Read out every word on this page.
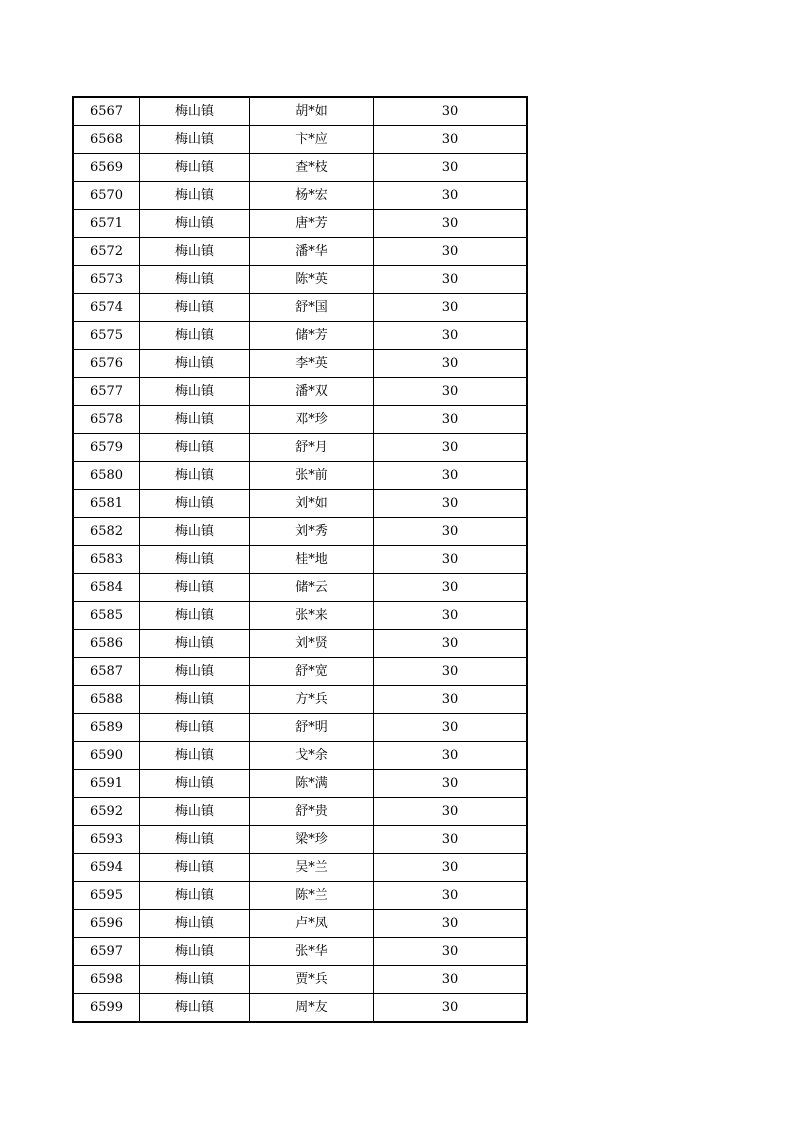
6567	梅山镇	胡*如	30
6568	梅山镇	卞*应	30
6569	梅山镇	查*枝	30
6570	梅山镇	杨*宏	30
6571	梅山镇	唐*芳	30
6572	梅山镇	潘*华	30
6573	梅山镇	陈*英	30
6574	梅山镇	舒*国	30
6575	梅山镇	储*芳	30
6576	梅山镇	李*英	30
6577	梅山镇	潘*双	30
6578	梅山镇	邓*珍	30
6579	梅山镇	舒*月	30
6580	梅山镇	张*前	30
6581	梅山镇	刘*如	30
6582	梅山镇	刘*秀	30
6583	梅山镇	桂*地	30
6584	梅山镇	储*云	30
6585	梅山镇	张*来	30
6586	梅山镇	刘*贤	30
6587	梅山镇	舒*宽	30
6588	梅山镇	方*兵	30
6589	梅山镇	舒*明	30
6590	梅山镇	戈*余	30
6591	梅山镇	陈*满	30
6592	梅山镇	舒*贵	30
6593	梅山镇	梁*珍	30
6594	梅山镇	吴*兰	30
6595	梅山镇	陈*兰	30
6596	梅山镇	卢*凤	30
6597	梅山镇	张*华	30
6598	梅山镇	贾*兵	30
6599	梅山镇	周*友	30
